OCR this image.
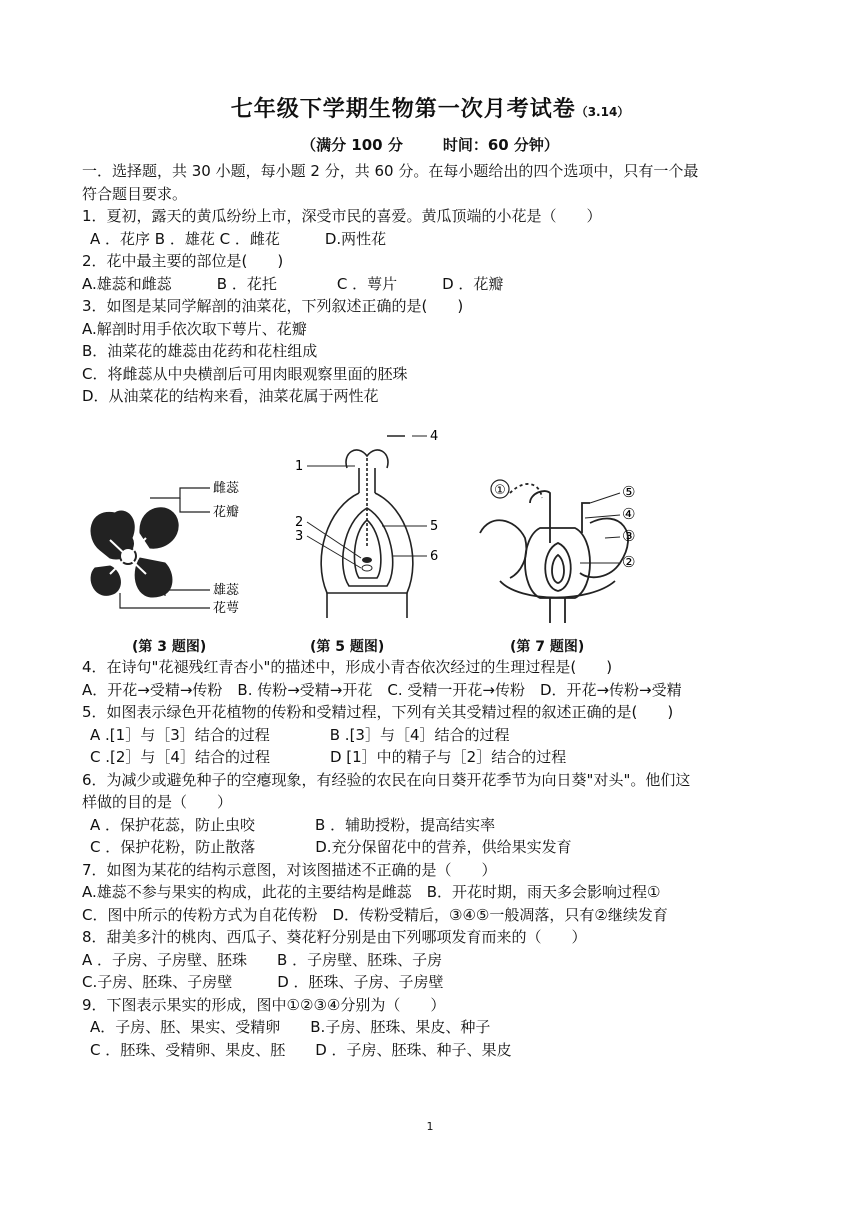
七年级下学期生物第一次月考试卷（3.14）
（满分 100 分	时间：60 分钟）
一．选择题，共 30 小题，每小题 2 分，共 60 分。在每小题给出的四个选项中，只有一个最
符合题目要求。
1．夏初，露天的黄瓜纷纷上市，深受市民的喜爱。黄瓜顶端的小花是（　　）
A ．花序 B ．雄花 C ．雌花　　　D.两性花
2．花中最主要的部位是(　　)
A.雄蕊和雌蕊　　　B ．花托　　　　C ．萼片　　　D ．花瓣
3．如图是某同学解剖的油菜花，下列叙述正确的是(　　)
A.解剖时用手依次取下萼片、花瓣
B．油菜花的雄蕊由花药和花柱组成
C．将雌蕊从中央横剖后可用肉眼观察里面的胚珠
D．从油菜花的结构来看，油菜花属于两性花
雌蕊
花瓣
雄蕊
花萼
1
2
3
4
5
6
①	⑤
④
③
②
(第 3 题图)	(第 5 题图)	(第 7 题图)
4．在诗句"花褪残红青杏小"的描述中，形成小青杏依次经过的生理过程是(　　)
A．开花→受精→传粉　B. 传粉→受精→开花　C. 受精一开花→传粉　D．开花→传粉→受精
5．如图表示绿色开花植物的传粉和受精过程，下列有关其受精过程的叙述正确的是(　　)
A .[1］与［3］结合的过程　　　　B .[3］与［4］结合的过程
C .[2］与［4］结合的过程　　　　D [1］中的精子与［2］结合的过程
6．为减少或避免种子的空瘪现象，有经验的农民在向日葵开花季节为向日葵"对头"。他们这
样做的目的是（　　）
A ．保护花蕊，防止虫咬　　　　B ．辅助授粉，提高结实率
C ．保护花粉，防止散落　　　　D.充分保留花中的营养，供给果实发育
7．如图为某花的结构示意图，对该图描述不正确的是（　　）
A.雄蕊不参与果实的构成，此花的主要结构是雌蕊　B．开花时期，雨天多会影响过程①
C．图中所示的传粉方式为自花传粉　D．传粉受精后，③④⑤一般凋落，只有②继续发育
8．甜美多汁的桃肉、西瓜子、葵花籽分别是由下列哪项发育而来的（　　）
A ．子房、子房壁、胚珠　　B ．子房壁、胚珠、子房
C.子房、胚珠、子房壁　　　D ．胚珠、子房、子房壁
9．下图表示果实的形成，图中①②③④分别为（　　）
A．子房、胚、果实、受精卵　　B.子房、胚珠、果皮、种子
C ．胚珠、受精卵、果皮、胚　　D ．子房、胚珠、种子、果皮
1
